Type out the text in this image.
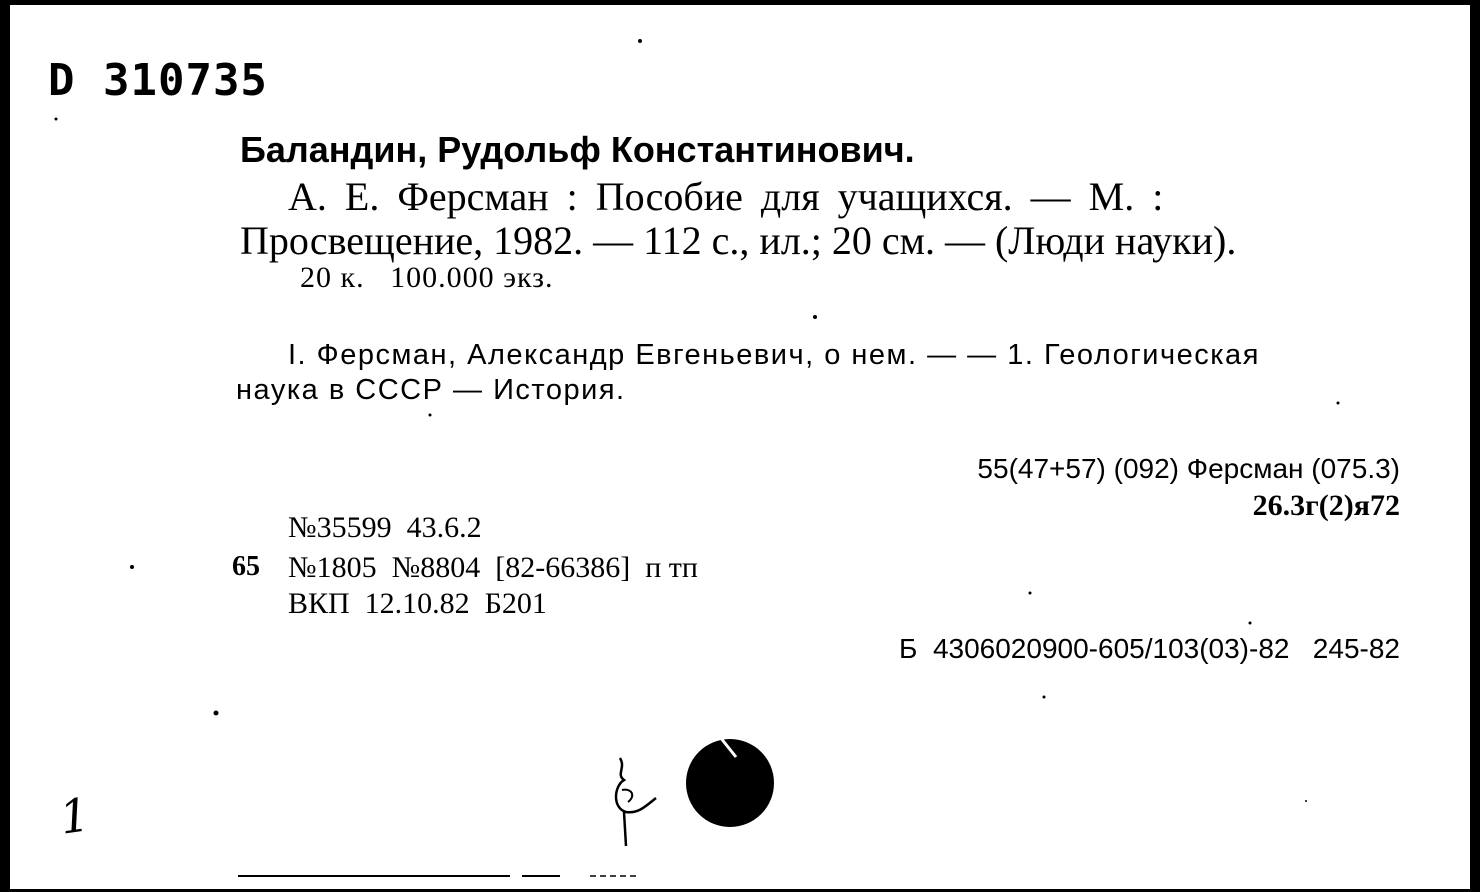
D 310735
Баландин, Рудольф Константинович.
А. Е. Ферсман : Пособие для учащихся. — М. :
Просвещение, 1982. — 112 с., ил.; 20 см. — (Люди науки).
20 к.   100.000 экз.
I. Ферсман, Александр Евгеньевич, о нем. — — 1. Геологическая
наука в СССР — История.
55(47+57) (092) Ферсман (075.3)
26.3г(2)я72
№35599  43.6.2
65 №1805  №8804  [82-66386]  п тп
ВКП  12.10.82  Б201
Б  4306020900-605/103(03)-82   245-82
1
